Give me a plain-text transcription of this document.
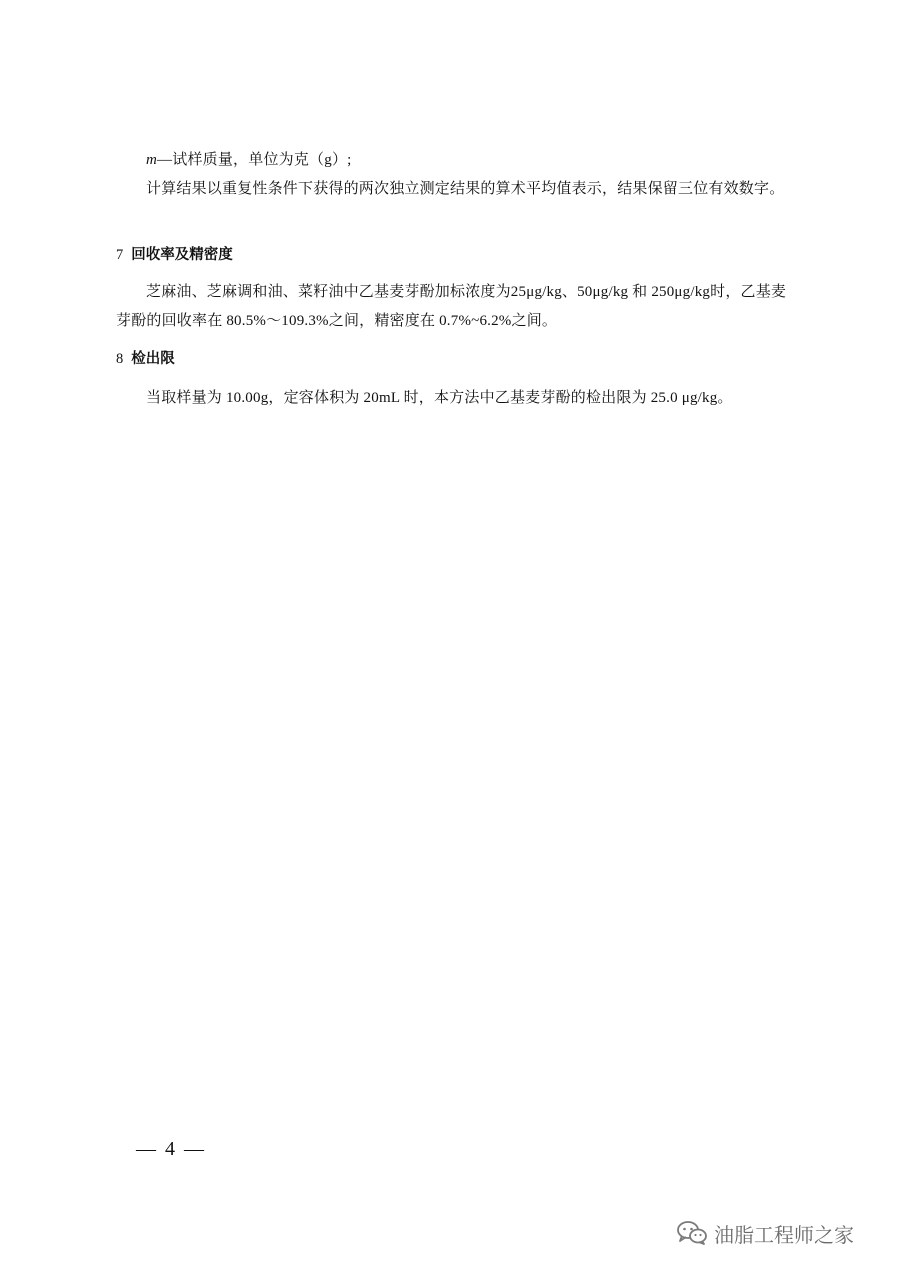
m—试样质量，单位为克（g）;
计算结果以重复性条件下获得的两次独立测定结果的算术平均值表示，结果保留三位有效数字。
7 回收率及精密度
芝麻油、芝麻调和油、菜籽油中乙基麦芽酚加标浓度为25μg/kg、50μg/kg 和 250μg/kg时，乙基麦芽酚的回收率在 80.5%～109.3%之间，精密度在 0.7%~6.2%之间。
8 检出限
当取样量为 10.00g，定容体积为 20mL 时，本方法中乙基麦芽酚的检出限为 25.0 μg/kg。
— 4 —
油脂工程师之家
